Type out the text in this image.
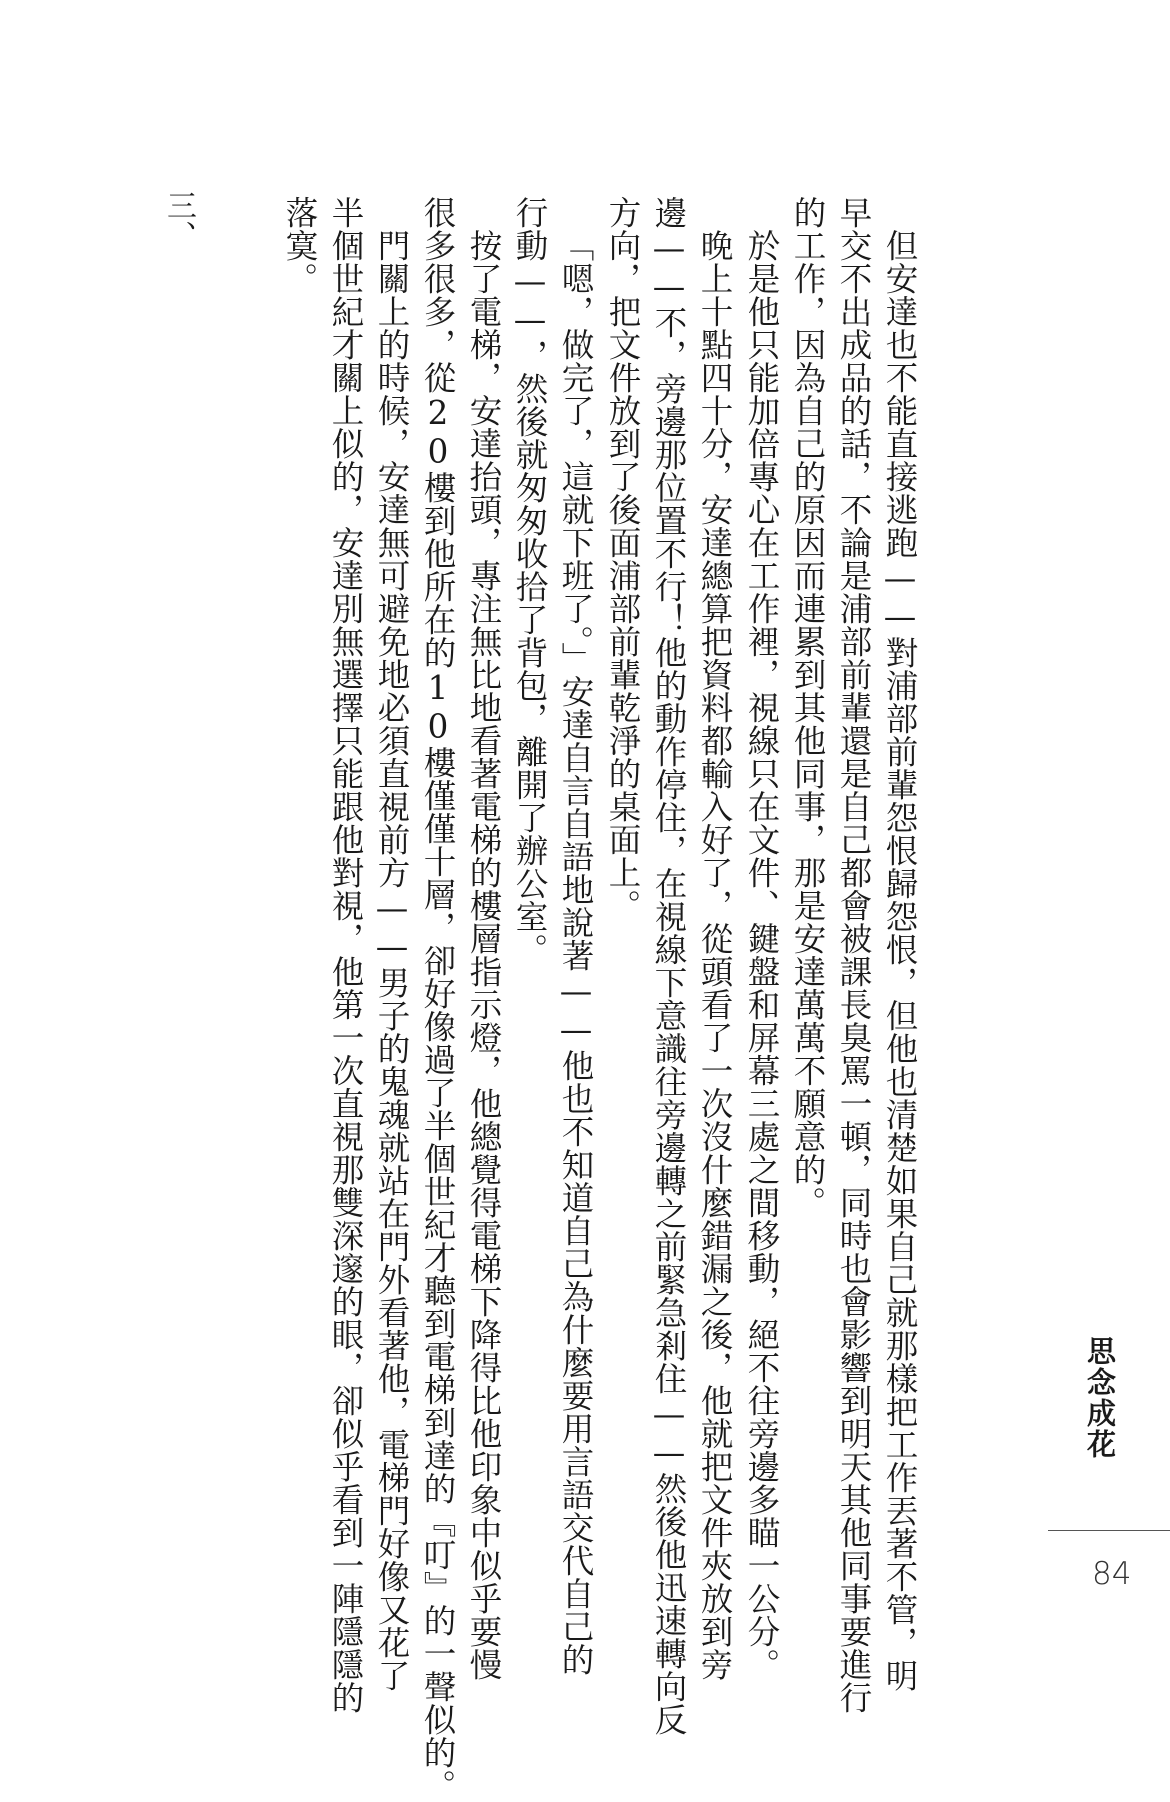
思念成花
84
但安達也不能直接逃跑——對浦部前輩怨恨歸怨恨，但他也清楚如果自己就那樣把工作丟著不管，明
早交不出成品的話，不論是浦部前輩還是自己都會被課長臭罵一頓，同時也會影響到明天其他同事要進行
的工作，因為自己的原因而連累到其他同事，那是安達萬萬不願意的。
於是他只能加倍專心在工作裡，視線只在文件、鍵盤和屏幕三處之間移動，絕不往旁邊多瞄一公分。
晚上十點四十分，安達總算把資料都輸入好了，從頭看了一次沒什麼錯漏之後，他就把文件夾放到旁
邊——不，旁邊那位置不行！他的動作停住，在視線下意識往旁邊轉之前緊急剎住——然後他迅速轉向反
方向，把文件放到了後面浦部前輩乾淨的桌面上。
「嗯，做完了，這就下班了。」安達自言自語地說著——他也不知道自己為什麼要用言語交代自己的
行動——，然後就匆匆收拾了背包，離開了辦公室。
按了電梯，安達抬頭，專注無比地看著電梯的樓層指示燈，他總覺得電梯下降得比他印象中似乎要慢
很多很多，從20樓到他所在的10樓僅僅十層，卻好像過了半個世紀才聽到電梯到達的『叮』的一聲似的。
門關上的時候，安達無可避免地必須直視前方——男子的鬼魂就站在門外看著他，電梯門好像又花了
半個世紀才關上似的，安達別無選擇只能跟他對視，他第一次直視那雙深邃的眼，卻似乎看到一陣隱隱的
落寞。
三、
